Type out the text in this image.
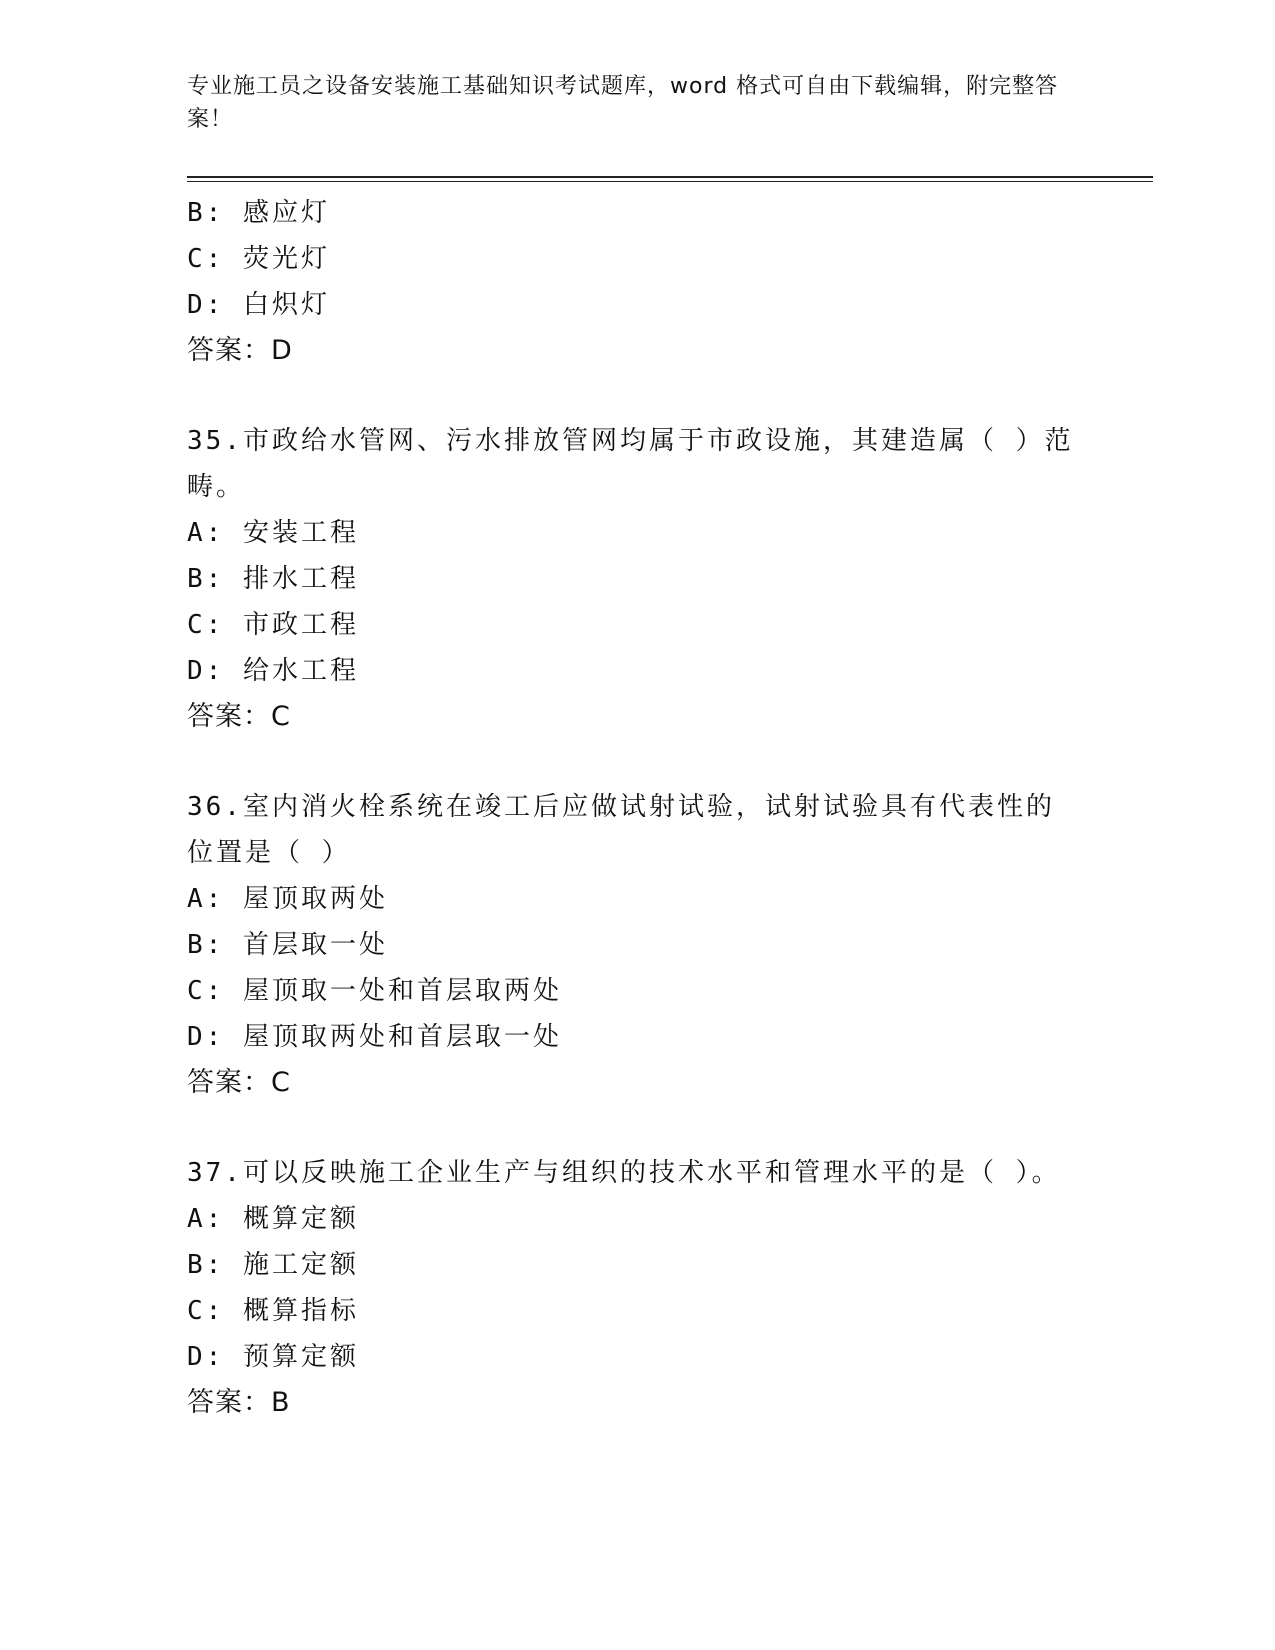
专业施工员之设备安装施工基础知识考试题库，word 格式可自由下载编辑，附完整答案！
B: 感应灯
C: 荧光灯
D: 白炽灯
答案：D
35.市政给水管网、污水排放管网均属于市政设施，其建造属（ ）范畴。
A: 安装工程
B: 排水工程
C: 市政工程
D: 给水工程
答案：C
36.室内消火栓系统在竣工后应做试射试验，试射试验具有代表性的位置是（ ）
A: 屋顶取两处
B: 首层取一处
C: 屋顶取一处和首层取两处
D: 屋顶取两处和首层取一处
答案：C
37.可以反映施工企业生产与组织的技术水平和管理水平的是（ ）。
A: 概算定额
B: 施工定额
C: 概算指标
D: 预算定额
答案：B
